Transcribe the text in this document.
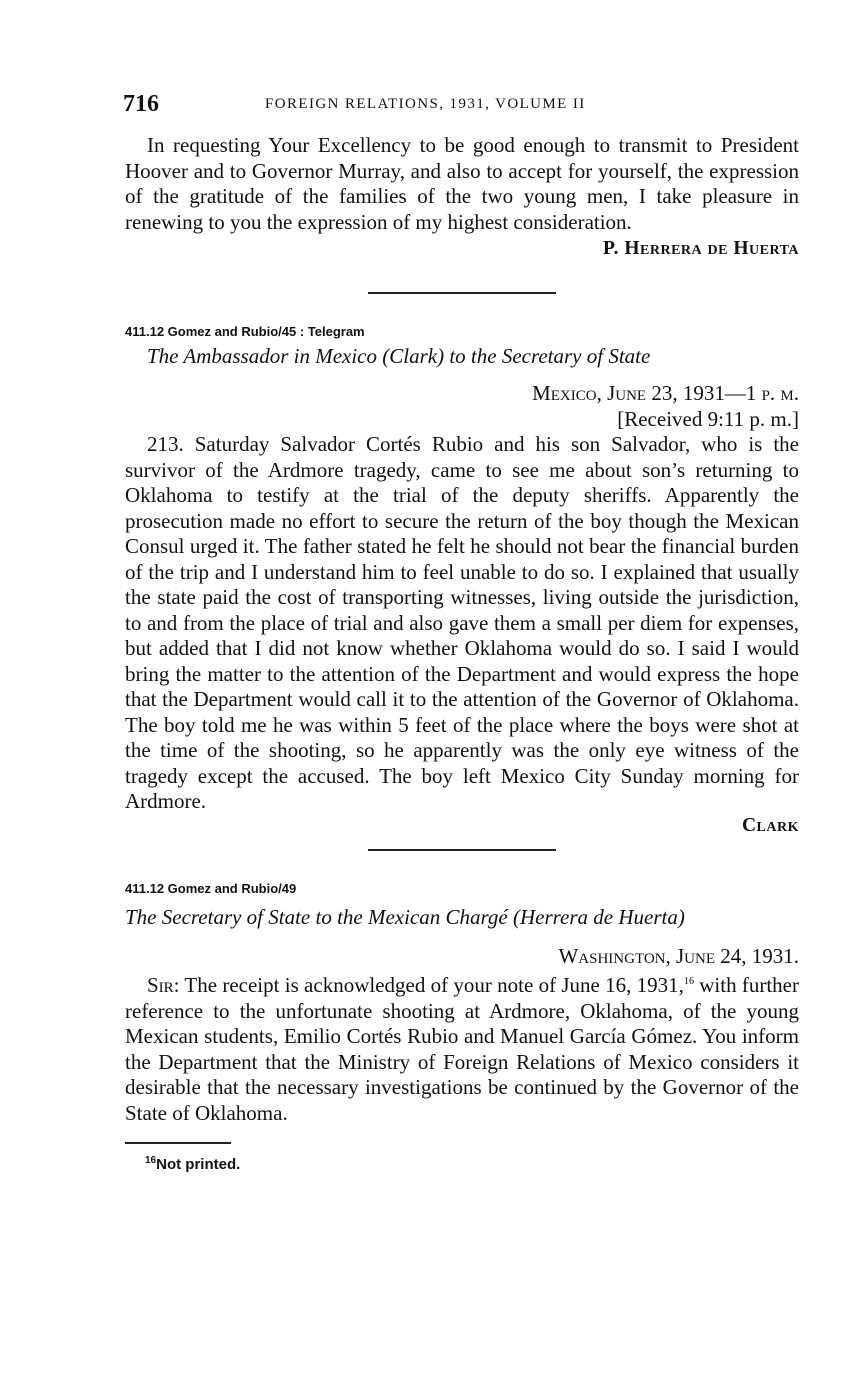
716	FOREIGN RELATIONS, 1931, VOLUME II

In requesting Your Excellency to be good enough to transmit to President Hoover and to Governor Murray, and also to accept for yourself, the expression of the gratitude of the families of the two young men, I take pleasure in renewing to you the expression of my highest consideration.

P. Herrera de Huerta

411.12 Gomez and Rubio/45 : Telegram

The Ambassador in Mexico (Clark) to the Secretary of State

Mexico, June 23, 1931—1 p. m.

[Received 9:11 p. m.]

213. Saturday Salvador Cortés Rubio and his son Salvador, who is the survivor of the Ardmore tragedy, came to see me about son’s returning to Oklahoma to testify at the trial of the deputy sheriffs. Apparently the prosecution made no effort to secure the return of the boy though the Mexican Consul urged it. The father stated he felt he should not bear the financial burden of the trip and I understand him to feel unable to do so. I explained that usually the state paid the cost of transporting witnesses, living outside the jurisdiction, to and from the place of trial and also gave them a small per diem for expenses, but added that I did not know whether Oklahoma would do so. I said I would bring the matter to the attention of the Department and would express the hope that the Department would call it to the attention of the Governor of Oklahoma. The boy told me he was within 5 feet of the place where the boys were shot at the time of the shooting, so he apparently was the only eye witness of the tragedy except the accused. The boy left Mexico City Sunday morning for Ardmore.

Clark

411.12 Gomez and Rubio/49

The Secretary of State to the Mexican Chargé (Herrera de Huerta)

Washington, June 24, 1931.

Sir: The receipt is acknowledged of your note of June 16, 1931,16 with further reference to the unfortunate shooting at Ardmore, Oklahoma, of the young Mexican students, Emilio Cortés Rubio and Manuel García Gómez. You inform the Department that the Ministry of Foreign Relations of Mexico considers it desirable that the necessary investigations be continued by the Governor of the State of Oklahoma.

$^{16}$Not printed.
